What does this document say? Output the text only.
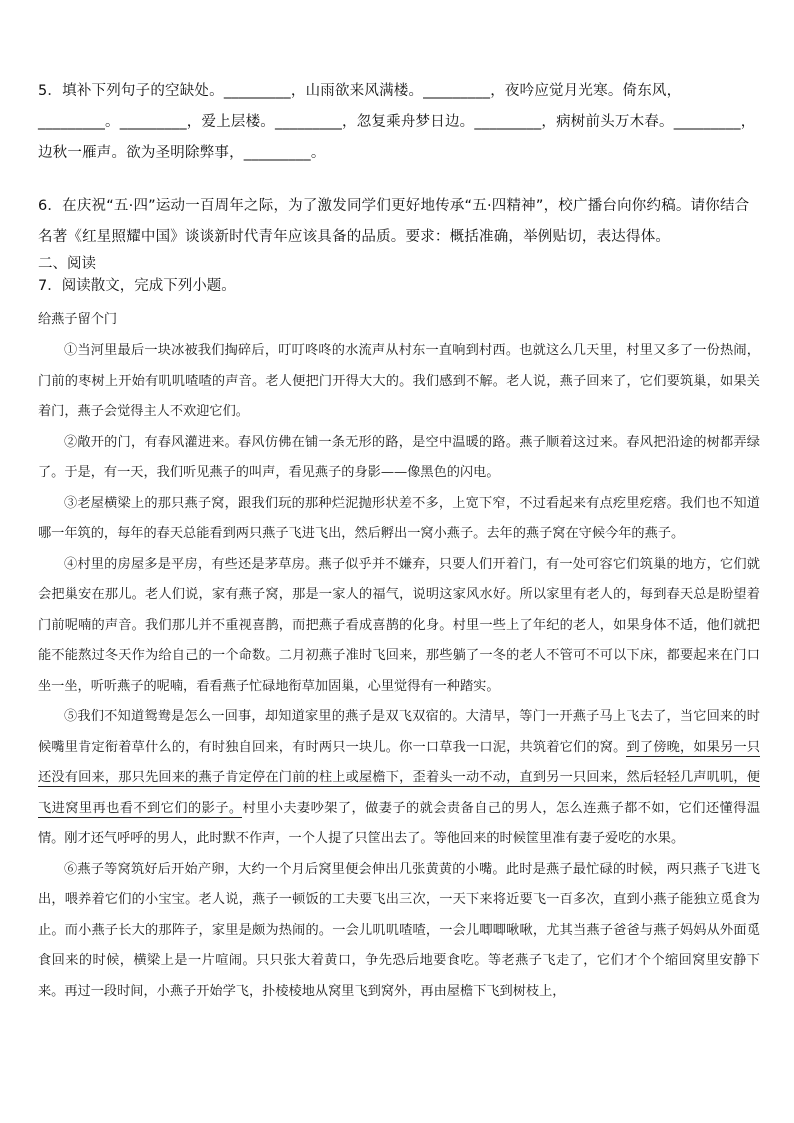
5．填补下列句子的空缺处。_________，山雨欲来风满楼。_________，夜吟应觉月光寒。倚东风，_________。_________，爱上层楼。_________，忽复乘舟梦日边。_________，病树前头万木春。_________，边秋一雁声。欲为圣明除弊事，_________。
6．在庆祝“五·四”运动一百周年之际，为了激发同学们更好地传承“五·四精神”，校广播台向你约稿。请你结合名著《红星照耀中国》谈谈新时代青年应该具备的品质。要求：概括准确，举例贴切，表达得体。
二、阅读
7．阅读散文，完成下列小题。
给燕子留个门

①当河里最后一块冰被我们掏碎后，叮叮咚咚的水流声从村东一直响到村西。也就这么几天里，村里又多了一份热闹，门前的枣树上开始有叽叽喳喳的声音。老人便把门开得大大的。我们感到不解。老人说，燕子回来了，它们要筑巢，如果关着门，燕子会觉得主人不欢迎它们。

②敞开的门，有春风灌进来。春风仿佛在铺一条无形的路，是空中温暖的路。燕子顺着这过来。春风把沿途的树都弄绿了。于是，有一天，我们听见燕子的叫声，看见燕子的身影——像黑色的闪电。

③老屋横梁上的那只燕子窝，跟我们玩的那种烂泥抛形状差不多，上宽下窄，不过看起来有点疙里疙瘩。我们也不知道哪一年筑的，每年的春天总能看到两只燕子飞进飞出，然后孵出一窝小燕子。去年的燕子窝在守候今年的燕子。

④村里的房屋多是平房，有些还是茅草房。燕子似乎并不嫌弃，只要人们开着门，有一处可容它们筑巢的地方，它们就会把巢安在那儿。老人们说，家有燕子窝，那是一家人的福气，说明这家风水好。所以家里有老人的，每到春天总是盼望着门前呢喃的声音。我们那儿并不重视喜鹊，而把燕子看成喜鹊的化身。村里一些上了年纪的老人，如果身体不适，他们就把能不能熬过冬天作为给自己的一个命数。二月初燕子准时飞回来，那些躺了一冬的老人不管可不可以下床，都要起来在门口坐一坐，听听燕子的呢喃，看看燕子忙碌地衔草加固巢，心里觉得有一种踏实。

⑤我们不知道鸳鸯是怎么一回事，却知道家里的燕子是双飞双宿的。大清早，等门一开燕子马上飞去了，当它回来的时候嘴里肯定衔着草什么的，有时独自回来，有时两只一块儿。你一口草我一口泥，共筑着它们的窝。到了傍晚，如果另一只还没有回来，那只先回来的燕子肯定停在门前的柱上或屋檐下，歪着头一动不动，直到另一只回来，然后轻轻几声叽叽，便飞进窝里再也看不到它们的影子。村里小夫妻吵架了，做妻子的就会责备自己的男人，怎么连燕子都不如，它们还懂得温情。刚才还气呼呼的男人，此时默不作声，一个人提了只筐出去了。等他回来的时候筐里准有妻子爱吃的水果。

⑥燕子等窝筑好后开始产卵，大约一个月后窝里便会伸出几张黄黄的小嘴。此时是燕子最忙碌的时候，两只燕子飞进飞出，喂养着它们的小宝宝。老人说，燕子一顿饭的工夫要飞出三次，一天下来将近要飞一百多次，直到小燕子能独立觅食为止。而小燕子长大的那阵子，家里是颇为热闹的。一会儿叽叽喳喳，一会儿唧唧啾啾，尤其当燕子爸爸与燕子妈妈从外面觅食回来的时候，横梁上是一片喧闹。只只张大着黄口，争先恐后地要食吃。等老燕子飞走了，它们才个个缩回窝里安静下来。再过一段时间，小燕子开始学飞，扑棱棱地从窝里飞到窝外，再由屋檐下飞到树枝上，
